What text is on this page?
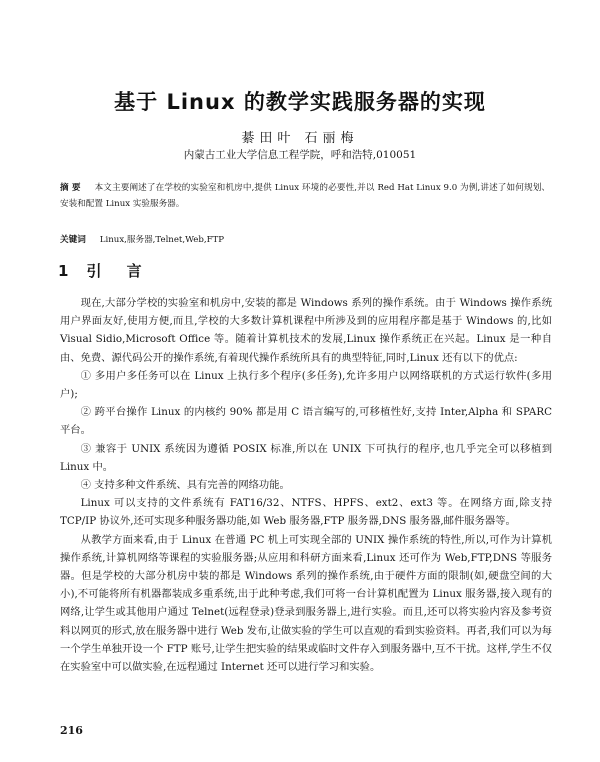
基于 Linux 的教学实践服务器的实现
綦田叶 石丽梅
内蒙古工业大学信息工程学院，呼和浩特,010051
摘 要 本文主要阐述了在学校的实验室和机房中,提供 Linux 环境的必要性,并以 Red Hat Linux 9.0 为例,讲述了如何规划、安装和配置 Linux 实验服务器。
关键词 Linux,服务器,Telnet,Web,FTP
1 引 言

现在,大部分学校的实验室和机房中,安装的都是 Windows 系列的操作系统。由于 Windows 操作系统用户界面友好,使用方便,而且,学校的大多数计算机课程中所涉及到的应用程序都是基于 Windows 的,比如 Visual Sidio,Microsoft Office 等。随着计算机技术的发展,Linux 操作系统正在兴起。Linux 是一种自由、免费、源代码公开的操作系统,有着现代操作系统所具有的典型特征,同时,Linux 还有以下的优点:

① 多用户多任务可以在 Linux 上执行多个程序(多任务),允许多用户以网络联机的方式运行软件(多用户);

② 跨平台操作 Linux 的内核约 90% 都是用 C 语言编写的,可移植性好,支持 Inter,Alpha 和 SPARC 平台。

③ 兼容于 UNIX 系统因为遵循 POSIX 标准,所以在 UNIX 下可执行的程序,也几乎完全可以移植到 Linux 中。

④ 支持多种文件系统、具有完善的网络功能。

Linux 可以支持的文件系统有 FAT16/32、NTFS、HPFS、ext2、ext3 等。在网络方面,除支持 TCP/IP 协议外,还可实现多种服务器功能,如 Web 服务器,FTP 服务器,DNS 服务器,邮件服务器等。

从教学方面来看,由于 Linux 在普通 PC 机上可实现全部的 UNIX 操作系统的特性,所以,可作为计算机操作系统,计算机网络等课程的实验服务器;从应用和科研方面来看,Linux 还可作为 Web,FTP,DNS 等服务器。但是学校的大部分机房中装的都是 Windows 系列的操作系统,由于硬件方面的限制(如,硬盘空间的大小),不可能将所有机器都装成多重系统,出于此种考虑,我们可将一台计算机配置为 Linux 服务器,接入现有的网络,让学生或其他用户通过 Telnet(远程登录)登录到服务器上,进行实验。而且,还可以将实验内容及参考资料以网页的形式,放在服务器中进行 Web 发布,让做实验的学生可以直观的看到实验资料。再者,我们可以为每一个学生单独开设一个 FTP 账号,让学生把实验的结果或临时文件存入到服务器中,互不干扰。这样,学生不仅在实验室中可以做实验,在远程通过 Internet 还可以进行学习和实验。

216
